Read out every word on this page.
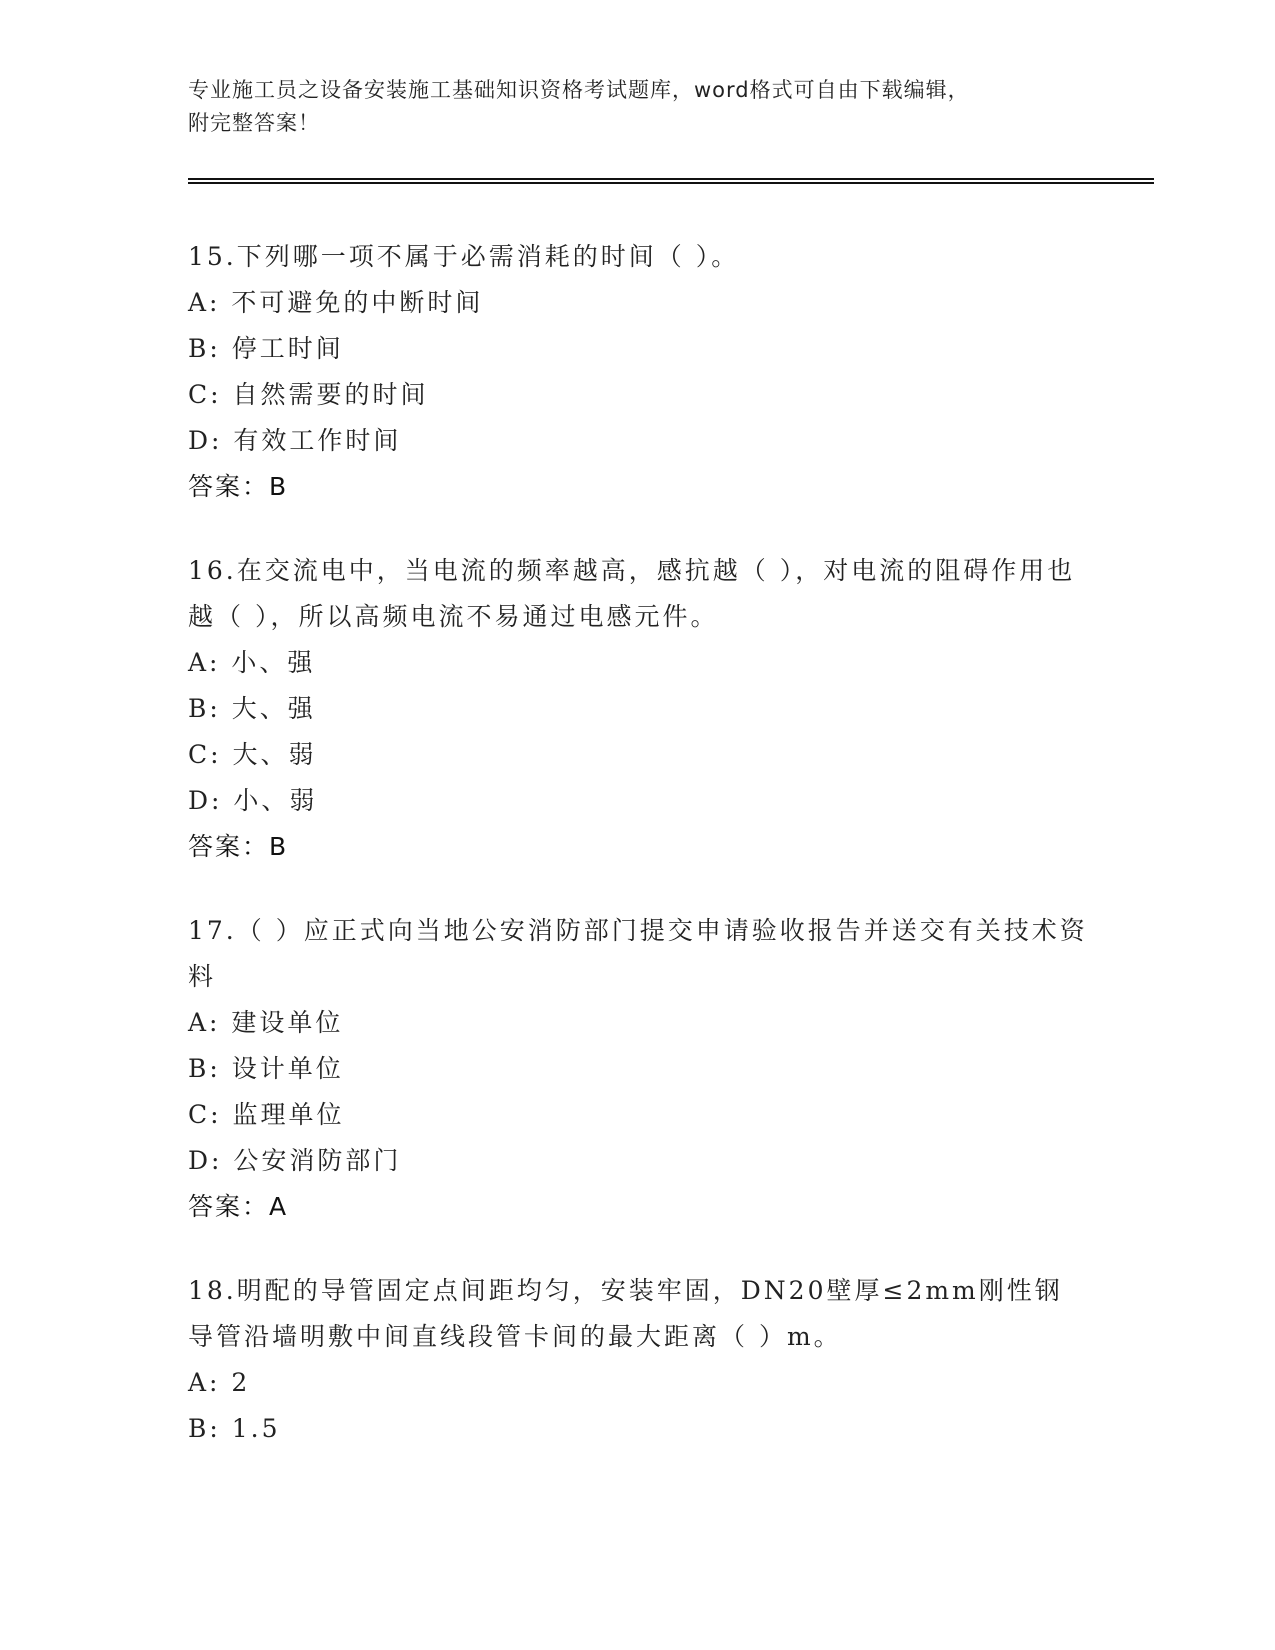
专业施工员之设备安装施工基础知识资格考试题库，word格式可自由下载编辑，
附完整答案！

15.下列哪一项不属于必需消耗的时间（ ）。

A: 不可避免的中断时间

B: 停工时间

C: 自然需要的时间

D: 有效工作时间

答案：B

16.在交流电中，当电流的频率越高，感抗越（ ），对电流的阻碍作用也越（ ），所以高频电流不易通过电感元件。

A: 小、强

B: 大、强

C: 大、弱

D: 小、弱

答案：B

17.（ ）应正式向当地公安消防部门提交申请验收报告并送交有关技术资料

A: 建设单位

B: 设计单位

C: 监理单位

D: 公安消防部门

答案：A

18.明配的导管固定点间距均匀，安装牢固，DN20壁厚≤2mm刚性钢导管沿墙明敷中间直线段管卡间的最大距离（ ）m。

A: 2

B: 1.5
